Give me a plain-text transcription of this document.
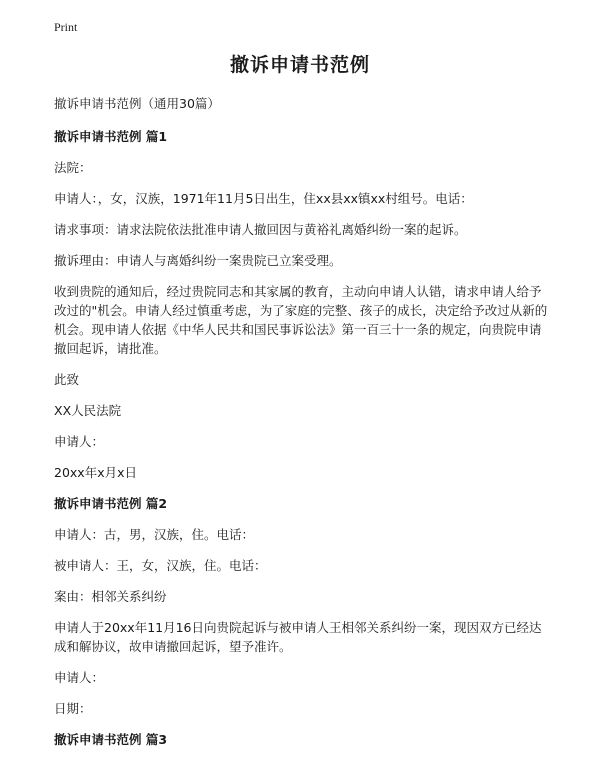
Print
撤诉申请书范例

撤诉申请书范例（通用30篇）

撤诉申请书范例 篇1

法院：

申请人：，女，汉族，1971年11月5日出生，住xx县xx镇xx村组号。电话：

请求事项：请求法院依法批准申请人撤回因与黄裕礼离婚纠纷一案的起诉。

撤诉理由：申请人与离婚纠纷一案贵院已立案受理。

收到贵院的通知后，经过贵院同志和其家属的教育，主动向申请人认错，请求申请人给予改过的"机会。申请人经过慎重考虑，为了家庭的完整、孩子的成长，决定给予改过从新的机会。现申请人依据《中华人民共和国民事诉讼法》第一百三十一条的规定，向贵院申请撤回起诉，请批准。

此致

XX人民法院

申请人：

20xx年x月x日

撤诉申请书范例 篇2

申请人：古，男，汉族，住。电话：

被申请人：王，女，汉族，住。电话：

案由：相邻关系纠纷

申请人于20xx年11月16日向贵院起诉与被申请人王相邻关系纠纷一案，现因双方已经达成和解协议，故申请撤回起诉，望予准许。

申请人：

日期：

撤诉申请书范例 篇3
